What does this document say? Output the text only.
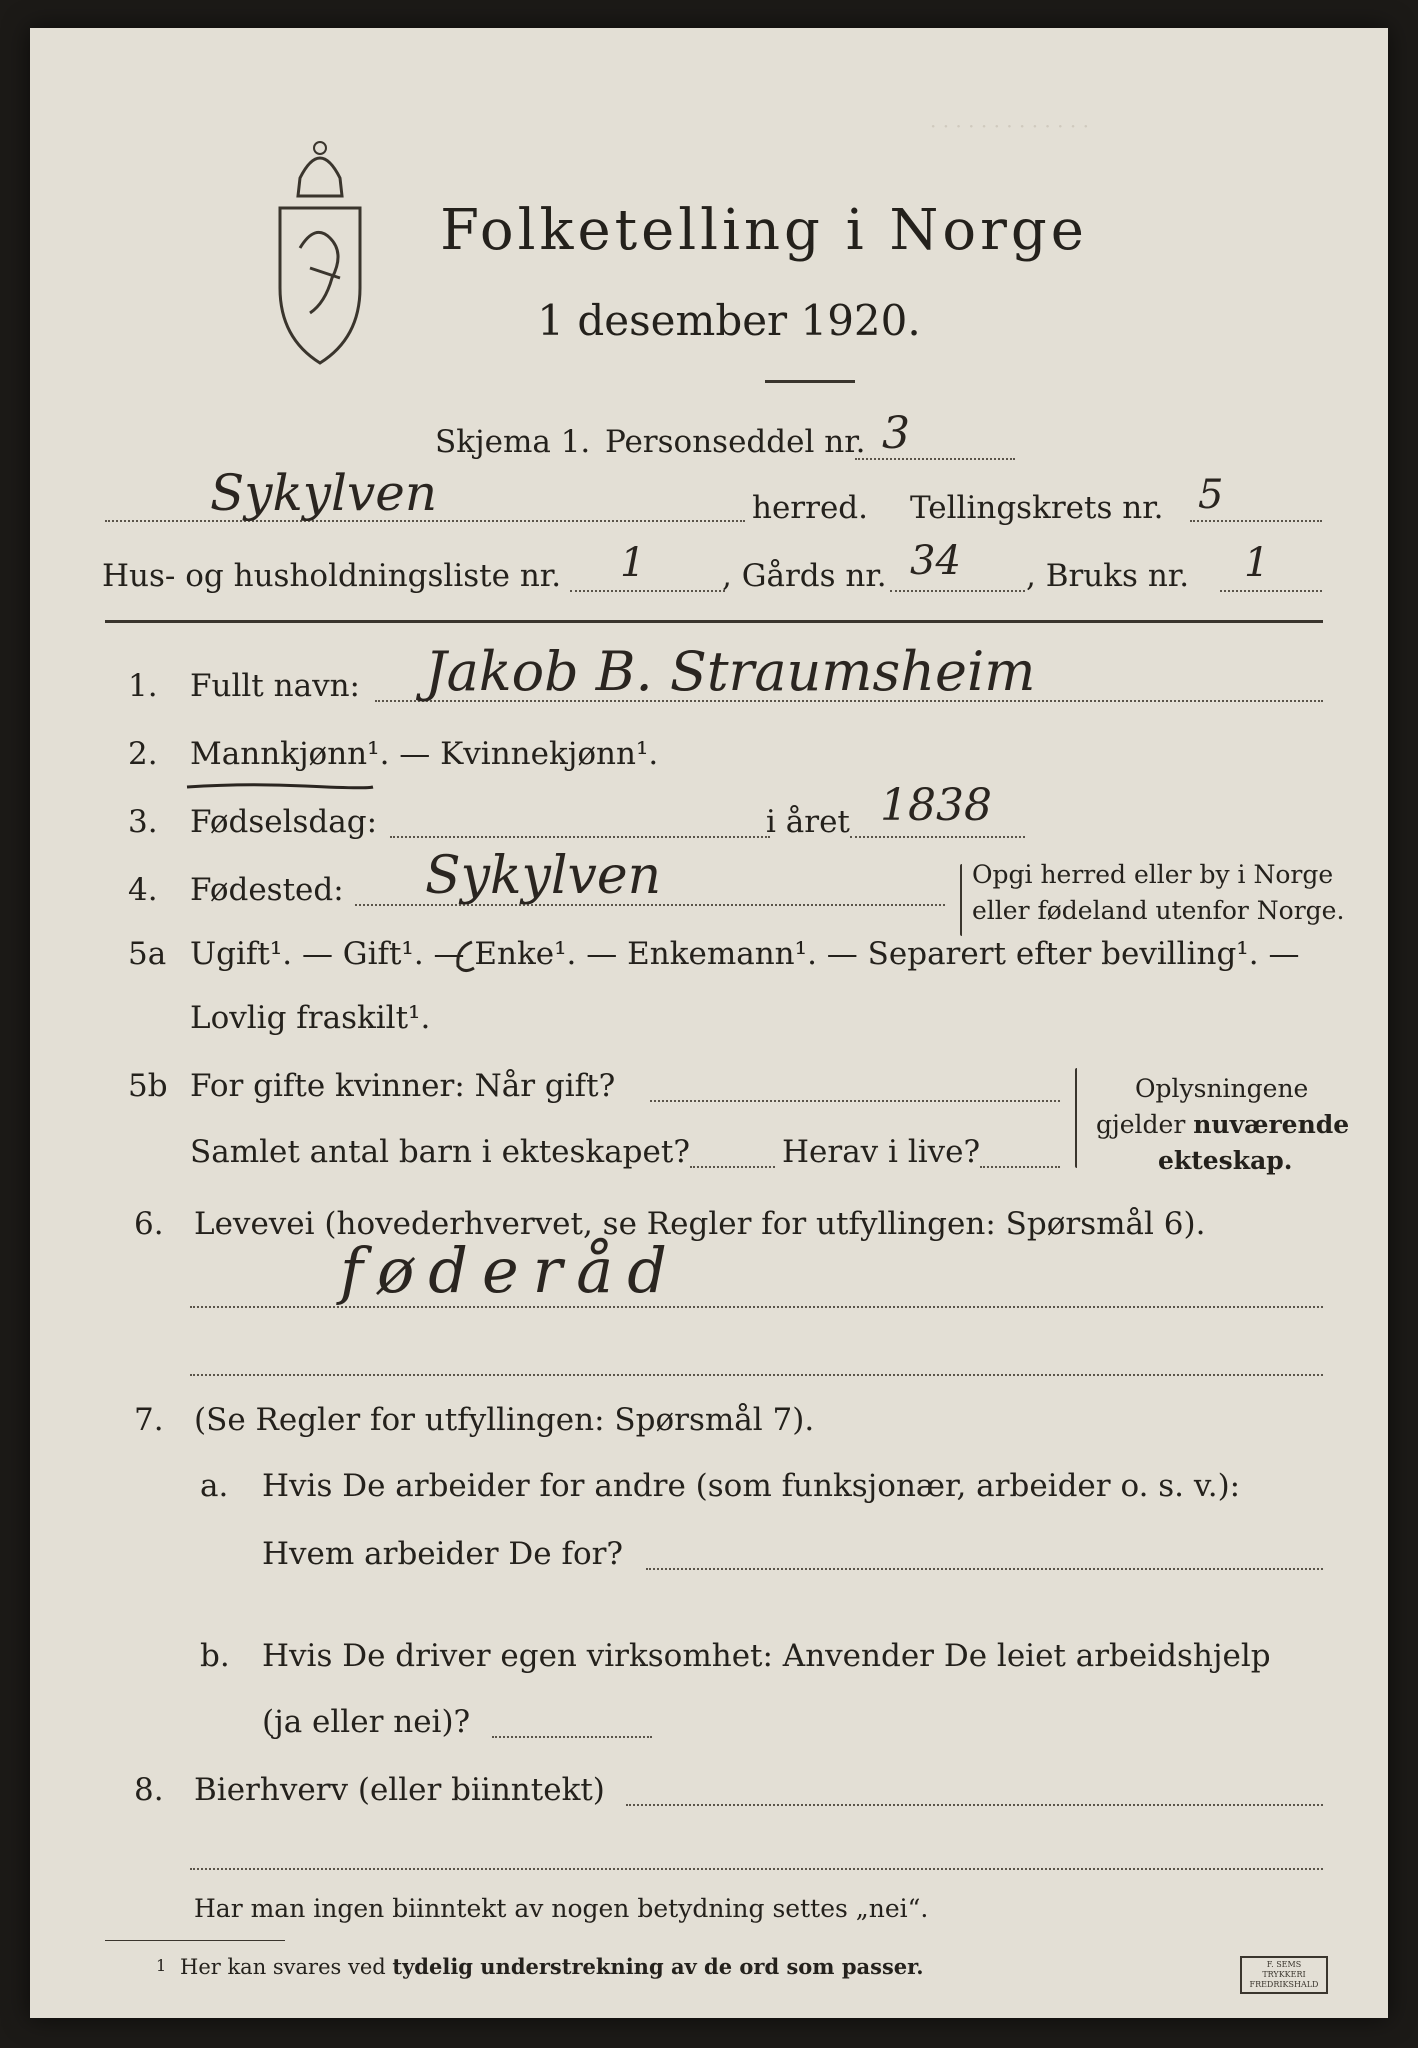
· · · · · · · · · · · · ·
Folketelling i Norge
1 desember 1920.
Skjema 1. Personseddel nr. 3
Sykylven	herred. Tellingskrets nr. 5
Hus- og husholdningsliste nr. 1 , Gårds nr. 34 , Bruks nr. 1
1. Fullt navn: Jakob B. Straumsheim
2. Mannkjønn¹. — Kvinnekjønn¹.
3. Fødselsdag:	i året 1838
4. Fødested: Sykylven	Opgi herred eller by i Norge
eller fødeland utenfor Norge.
5a Ugift¹. — Gift¹. — Enke¹. — Enkemann¹. — Separert efter bevilling¹. —
Lovlig fraskilt¹.
5b For gifte kvinner: Når gift?
Samlet antal barn i ekteskapet?	Herav i live?
Oplysningene
gjelder nuværende
ekteskap.
6. Levevei (hovederhvervet, se Regler for utfyllingen: Spørsmål 6).
føderåd
7. (Se Regler for utfyllingen: Spørsmål 7).
a. Hvis De arbeider for andre (som funksjonær, arbeider o. s. v.):
Hvem arbeider De for?
b. Hvis De driver egen virksomhet: Anvender De leiet arbeidshjelp
(ja eller nei)?
8. Bierhverv (eller biinntekt)
Har man ingen biinntekt av nogen betydning settes „nei“.
1 Her kan svares ved tydelig understrekning av de ord som passer.	F. SEMS TRYKKERI FREDRIKSHALD
